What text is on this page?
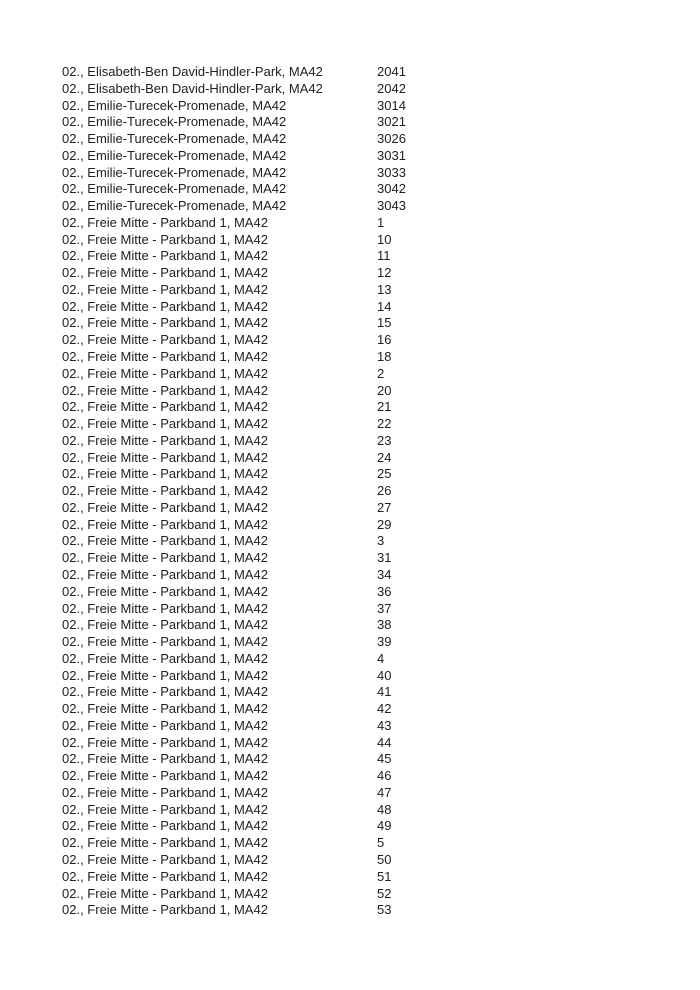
02., Elisabeth-Ben David-Hindler-Park, MA42	2041
02., Elisabeth-Ben David-Hindler-Park, MA42	2042
02., Emilie-Turecek-Promenade, MA42	3014
02., Emilie-Turecek-Promenade, MA42	3021
02., Emilie-Turecek-Promenade, MA42	3026
02., Emilie-Turecek-Promenade, MA42	3031
02., Emilie-Turecek-Promenade, MA42	3033
02., Emilie-Turecek-Promenade, MA42	3042
02., Emilie-Turecek-Promenade, MA42	3043
02., Freie Mitte - Parkband 1, MA42	1
02., Freie Mitte - Parkband 1, MA42	10
02., Freie Mitte - Parkband 1, MA42	11
02., Freie Mitte - Parkband 1, MA42	12
02., Freie Mitte - Parkband 1, MA42	13
02., Freie Mitte - Parkband 1, MA42	14
02., Freie Mitte - Parkband 1, MA42	15
02., Freie Mitte - Parkband 1, MA42	16
02., Freie Mitte - Parkband 1, MA42	18
02., Freie Mitte - Parkband 1, MA42	2
02., Freie Mitte - Parkband 1, MA42	20
02., Freie Mitte - Parkband 1, MA42	21
02., Freie Mitte - Parkband 1, MA42	22
02., Freie Mitte - Parkband 1, MA42	23
02., Freie Mitte - Parkband 1, MA42	24
02., Freie Mitte - Parkband 1, MA42	25
02., Freie Mitte - Parkband 1, MA42	26
02., Freie Mitte - Parkband 1, MA42	27
02., Freie Mitte - Parkband 1, MA42	29
02., Freie Mitte - Parkband 1, MA42	3
02., Freie Mitte - Parkband 1, MA42	31
02., Freie Mitte - Parkband 1, MA42	34
02., Freie Mitte - Parkband 1, MA42	36
02., Freie Mitte - Parkband 1, MA42	37
02., Freie Mitte - Parkband 1, MA42	38
02., Freie Mitte - Parkband 1, MA42	39
02., Freie Mitte - Parkband 1, MA42	4
02., Freie Mitte - Parkband 1, MA42	40
02., Freie Mitte - Parkband 1, MA42	41
02., Freie Mitte - Parkband 1, MA42	42
02., Freie Mitte - Parkband 1, MA42	43
02., Freie Mitte - Parkband 1, MA42	44
02., Freie Mitte - Parkband 1, MA42	45
02., Freie Mitte - Parkband 1, MA42	46
02., Freie Mitte - Parkband 1, MA42	47
02., Freie Mitte - Parkband 1, MA42	48
02., Freie Mitte - Parkband 1, MA42	49
02., Freie Mitte - Parkband 1, MA42	5
02., Freie Mitte - Parkband 1, MA42	50
02., Freie Mitte - Parkband 1, MA42	51
02., Freie Mitte - Parkband 1, MA42	52
02., Freie Mitte - Parkband 1, MA42	53
